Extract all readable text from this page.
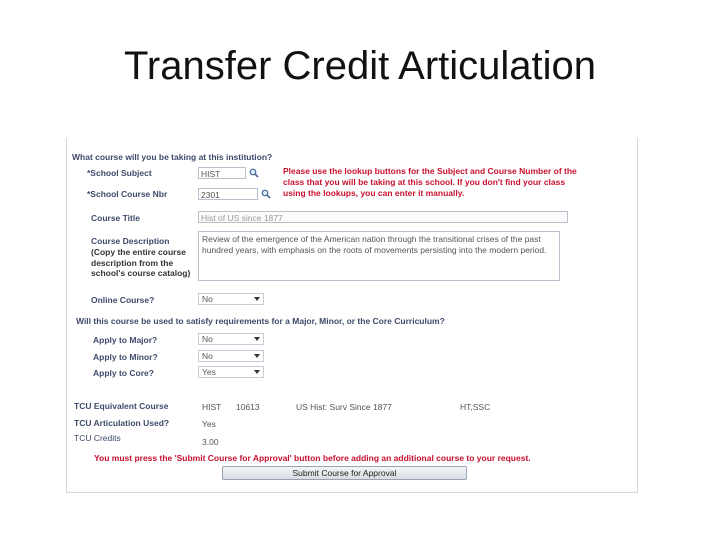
Transfer Credit Articulation
What course will you be taking at this institution?
*School Subject	HIST
*School Course Nbr	2301
Please use the lookup buttons for the Subject and Course Number of the class that you will be taking at this school. If you don't find your class using the lookups, you can enter it manually.
Course Title	Hist of US since 1877
Course Description
(Copy the entire course description from the school's course catalog)
Review of the emergence of the American nation through the transitional crises of the past hundred years, with emphasis on the roots of movements persisting into the modern period.
Online Course?	No
Will this course be used to satisfy requirements for a Major, Minor, or the Core Curriculum?
Apply to Major?	No
Apply to Minor?	No
Apply to Core?	Yes
TCU Equivalent Course	HIST 10613	US Hist: Surv Since 1877	HT,SSC
TCU Articulation Used?	Yes
TCU Credits	3.00
You must press the 'Submit Course for Approval' button before adding an additional course to your request.
Submit Course for Approval
